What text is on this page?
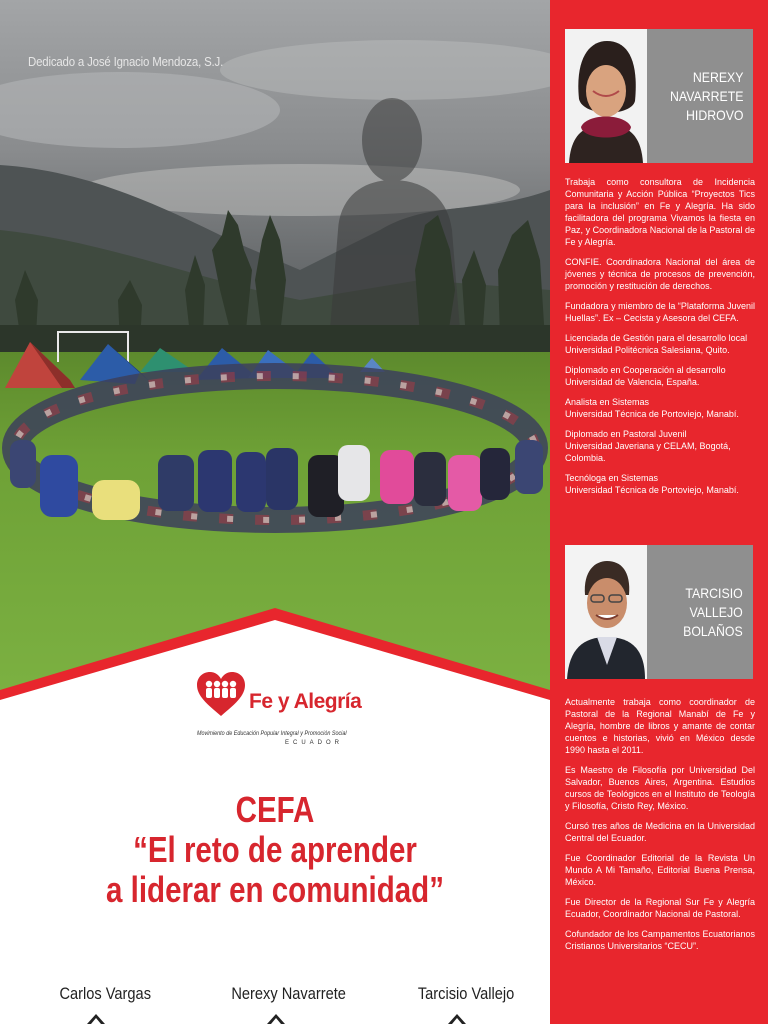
Dedicado a José Ignacio Mendoza, S.J.
Fe y Alegría
Movimiento de Educación Popular Integral y Promoción Social
ECUADOR
CEFA
“El reto de aprender
a liderar en comunidad”
Carlos Vargas	Nerexy Navarrete	Tarcisio Vallejo
NEREXY
NAVARRETE
HIDROVO

Trabaja como consultora de Incidencia Comunitaria y Acción Pública “Proyectos Tics para la inclusión” en Fe y Alegría. Ha sido facilitadora del programa Vivamos la fiesta en Paz, y Coordinadora Nacional de la Pastoral de Fe y Alegría.

CONFIE. Coordinadora Nacional del área de jóvenes y técnica de procesos de prevención, promoción y restitución de derechos.

Fundadora y miembro de la “Plataforma Juvenil Huellas”. Ex – Cecista y Asesora del CEFA.

Licenciada de Gestión para el desarrollo local
Universidad Politécnica Salesiana, Quito.

Diplomado en Cooperación al desarrollo
Universidad de Valencia, España.

Analista en Sistemas
Universidad Técnica de Portoviejo, Manabí.

Diplomado en Pastoral Juvenil
Universidad Javeriana y CELAM, Bogotá, Colombia.

Tecnóloga en Sistemas
Universidad Técnica de Portoviejo, Manabí.

TARCISIO
VALLEJO
BOLAÑOS

Actualmente trabaja como coordinador de Pastoral de la Regional Manabí de Fe y Alegría, hombre de libros y amante de contar cuentos e historias, vivió en México desde 1990 hasta el 2011.

Es Maestro de Filosofía por Universidad Del Salvador, Buenos Aires, Argentina. Estudios cursos de Teológicos en el Instituto de Teología y Filosofía, Cristo Rey, México.

Cursó tres años de Medicina en la Universidad Central del Ecuador.

Fue Coordinador Editorial de la Revista Un Mundo A Mi Tamaño, Editorial Buena Prensa, México.

Fue Director de la Regional Sur Fe y Alegría Ecuador, Coordinador Nacional de Pastoral.

Cofundador de los Campamentos Ecuatorianos Cristianos Universitarios “CECU”.
